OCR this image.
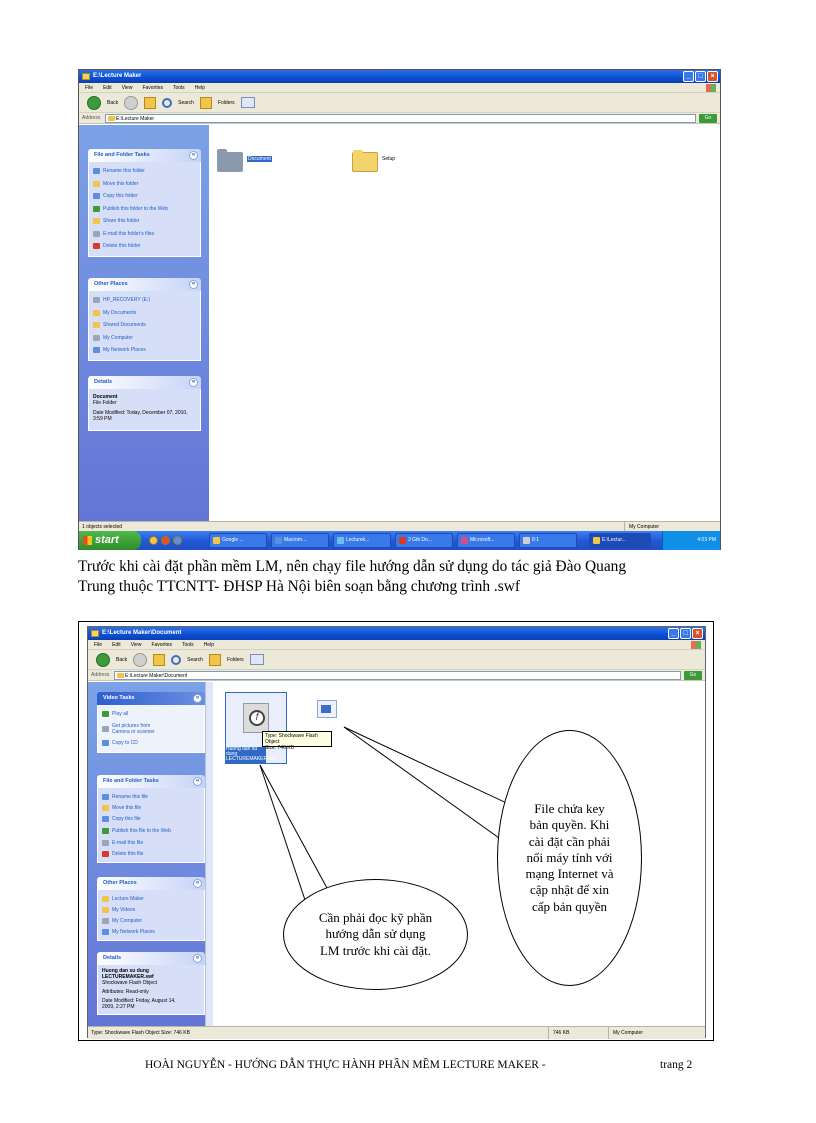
E:\Lecture Maker	_	□	×
File Edit View Favorites Tools Help
Back	Search	Folders
Address	E:\Lecture Maker	Go
File and Folder Tasks	«
Rename this folder
Move this folder
Copy this folder
Publish this folder to the Web
Share this folder
E-mail this folder's files
Delete this folder
Other Places	«
HP_RECOVERY (E:)
My Documents
Shared Documents
My Computer
My Network Places
Details	«
Document
File Folder
Date Modified: Today, December 07, 2010, 3:59 PM
Document	Setup
1 objects selected	My Computer
start	Google ...	Macrom...	Lecturek...	3 Gtk Do...	Microsoft...	8:1	E:\Lectur...	4:03 PM
Trước khi cài đặt phần mềm LM, nên chạy file hướng dẫn sử dụng do tác giả Đào Quang
Trung thuộc TTCNTT- ĐHSP Hà Nội biên soạn bằng chương trình .swf
E:\Lecture Maker\Document	_	□	×
File Edit View Favorites Tools Help
Back	Search	Folders
Address	E:\Lecture Maker\Document	Go
Video Tasks	«
Play all
Get pictures from Camera or scanner
Copy to CD
File and Folder Tasks	«
Rename this file
Move this file
Copy this file
Publish this file to the Web
E-mail this file
Delete this file
Other Places	«
Lecture Maker
My Videos
My Computer
My Network Places
Details	«
Huong dan su dung LECTUREMAKER.swf
Shockwave Flash Object
Attributes: Read-only
Date Modified: Friday, August 14, 2009, 2:27 PM
f
Huong dan su dung LECTUREMAKER.swf
Type: Shockwave Flash Object
Size: 746 KB
Type: Shockwave Flash Object Size: 746 KB	746 KB	My Computer
File chứa key bản quyền. Khi cài đặt cần phải nối máy tính với mạng Internet và cập nhật để xin cấp bản quyền
Cần phải đọc kỹ phần hướng dẫn sử dụng LM trước khi cài đặt.
HOÀI NGUYỄN - HƯỚNG DẪN THỰC HÀNH PHẦN MỀM LECTURE MAKER -	trang 2
